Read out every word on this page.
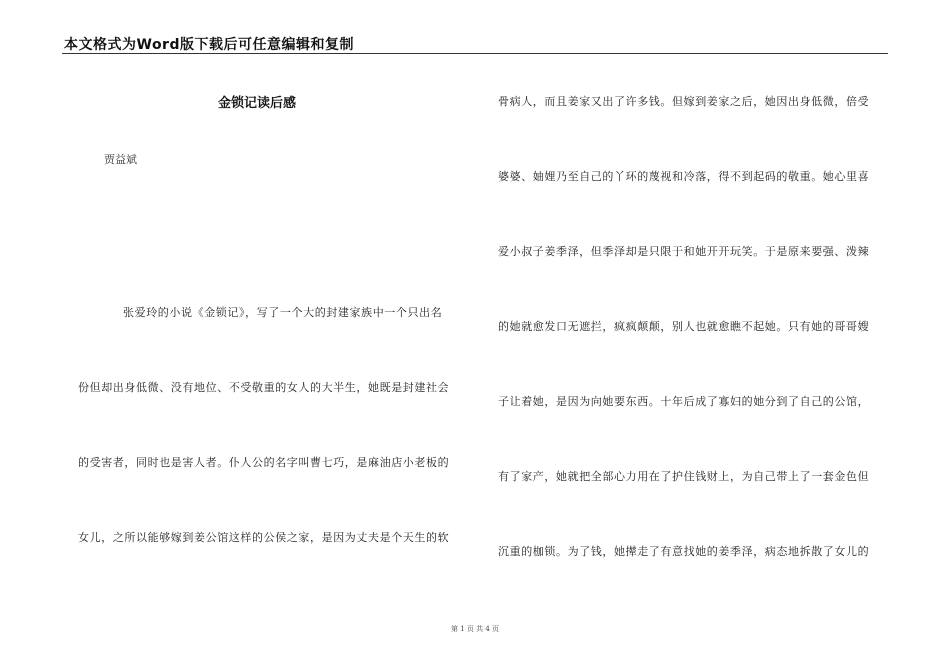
本文格式为Word版下载后可任意编辑和复制
金锁记读后感
贾益斌
张爱玲的小说《金锁记》，写了一个大的封建家族中一个只出名
份但却出身低微、没有地位、不受敬重的女人的大半生，她既是封建社会
的受害者，同时也是害人者。仆人公的名字叫曹七巧，是麻油店小老板的
女儿，之所以能够嫁到姜公馆这样的公侯之家，是因为丈夫是个天生的软
骨病人，而且姜家又出了许多钱。但嫁到姜家之后，她因出身低微，倍受
婆婆、妯娌乃至自己的丫环的蔑视和冷落，得不到起码的敬重。她心里喜
爱小叔子姜季泽，但季泽却是只限于和她开开玩笑。于是原来要强、泼辣
的她就愈发口无遮拦，疯疯颠颠，别人也就愈瞧不起她。只有她的哥哥嫂
子让着她，是因为向她要东西。十年后成了寡妇的她分到了自己的公馆，
有了家产，她就把全部心力用在了护住钱财上，为自己带上了一套金色但
沉重的枷锁。为了钱，她撵走了有意找她的姜季泽，病态地拆散了女儿的
第 1 页 共 4 页
